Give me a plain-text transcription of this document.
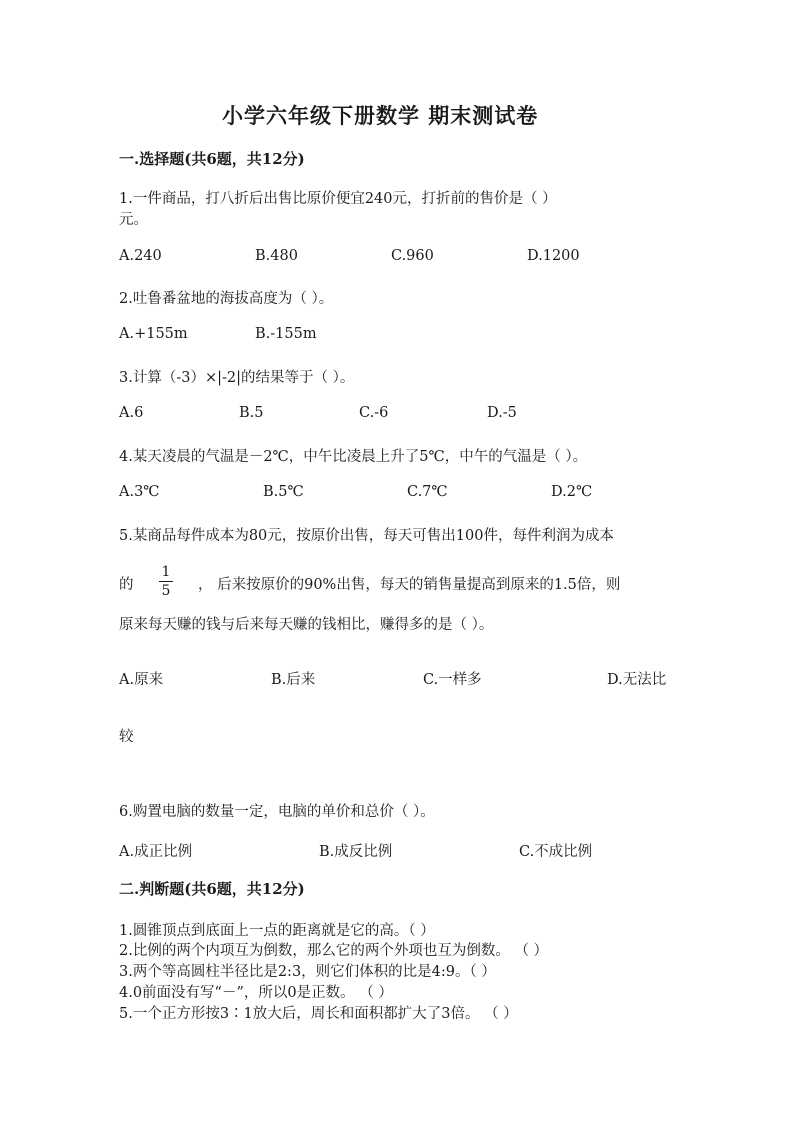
小学六年级下册数学 期末测试卷
一.选择题(共6题，共12分)
1.一件商品，打八折后出售比原价便宜240元，打折前的售价是（ ）
元。
A.240	B.480	C.960	D.1200
2.吐鲁番盆地的海拔高度为（ ）。
A.+155m	B.-155m
3.计算（-3）×|-2|的结果等于（ ）。
A.6	B.5	C.-6	D.-5
4.某天凌晨的气温是－2℃，中午比凌晨上升了5℃，中午的气温是（ ）。
A.3℃	B.5℃	C.7℃	D.2℃
5.某商品每件成本为80元，按原价出售，每天可售出100件，每件利润为成本
的
1
5 ， 后来按原价的90%出售，每天的销售量提高到原来的1.5倍，则
原来每天赚的钱与后来每天赚的钱相比，赚得多的是（ ）。
A.原来	B.后来	C.一样多	D.无法比
较
6.购置电脑的数量一定，电脑的单价和总价（ ）。
A.成正比例	B.成反比例	C.不成比例
二.判断题(共6题，共12分)
1.圆锥顶点到底面上一点的距离就是它的高。（ ）
2.比例的两个内项互为倒数，那么它的两个外项也互为倒数。 （ ）
3.两个等高圆柱半径比是2:3，则它们体积的比是4:9。（ ）
4.0前面没有写“－”，所以0是正数。 （ ）
5.一个正方形按3∶1放大后，周长和面积都扩大了3倍。 （ ）
